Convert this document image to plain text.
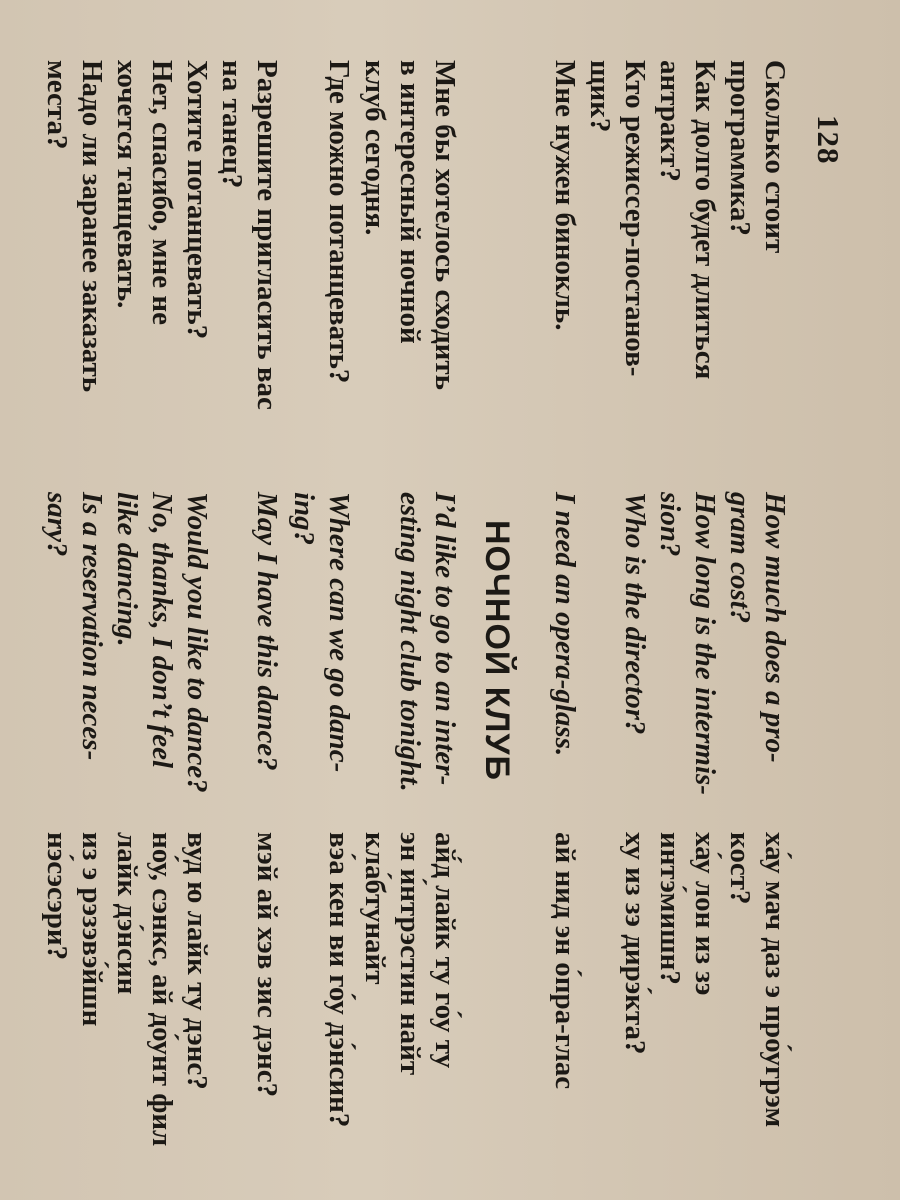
128
Сколько стоит
программка?
How much does a pro-
gram cost?
ха́у мач даз э про́угрэм
кост?
Как долго будет длиться
антракт?
How long is the intermis-
sion?
ха́у лон из зэ
интэ́мишн?
Кто режиссер-постанов-
щик?
Who is the director?
ху из зэ дирэ́кта?
Мне нужен бинокль.
I need an opera-glass.
ай нид эн о́пра-глас
НОЧНОЙ КЛУБ
Мне бы хотелось сходить
в интересный ночной
клуб сегодня.
I’d like to go to an inter-
esting night club tonight.
ай́д лайк ту го́у ту
эн и́нтрэстин найт
кла́бтунайт
Где можно потанцевать?
Where can we go danc-
ing?
вэ́а кен ви го́у дэ́нсин?
Разрешите пригласить вас
на танец?
May I have this dance?
мэй ай хэв зис дэнс?
Хотите потанцевать?
Would you like to dance?
вуд ю лайк ту дэнс?
Нет, спасибо, мне не
хочется танцевать.
No, thanks, I don’t feel
like dancing.
но́у, сэнкс, ай до́унт фил
лайк дэ́нсин
Надо ли заранее заказать
места?
Is a reservation neces-
sary?
из э рэзэвэ́йшн
нэ́сэсэри?
